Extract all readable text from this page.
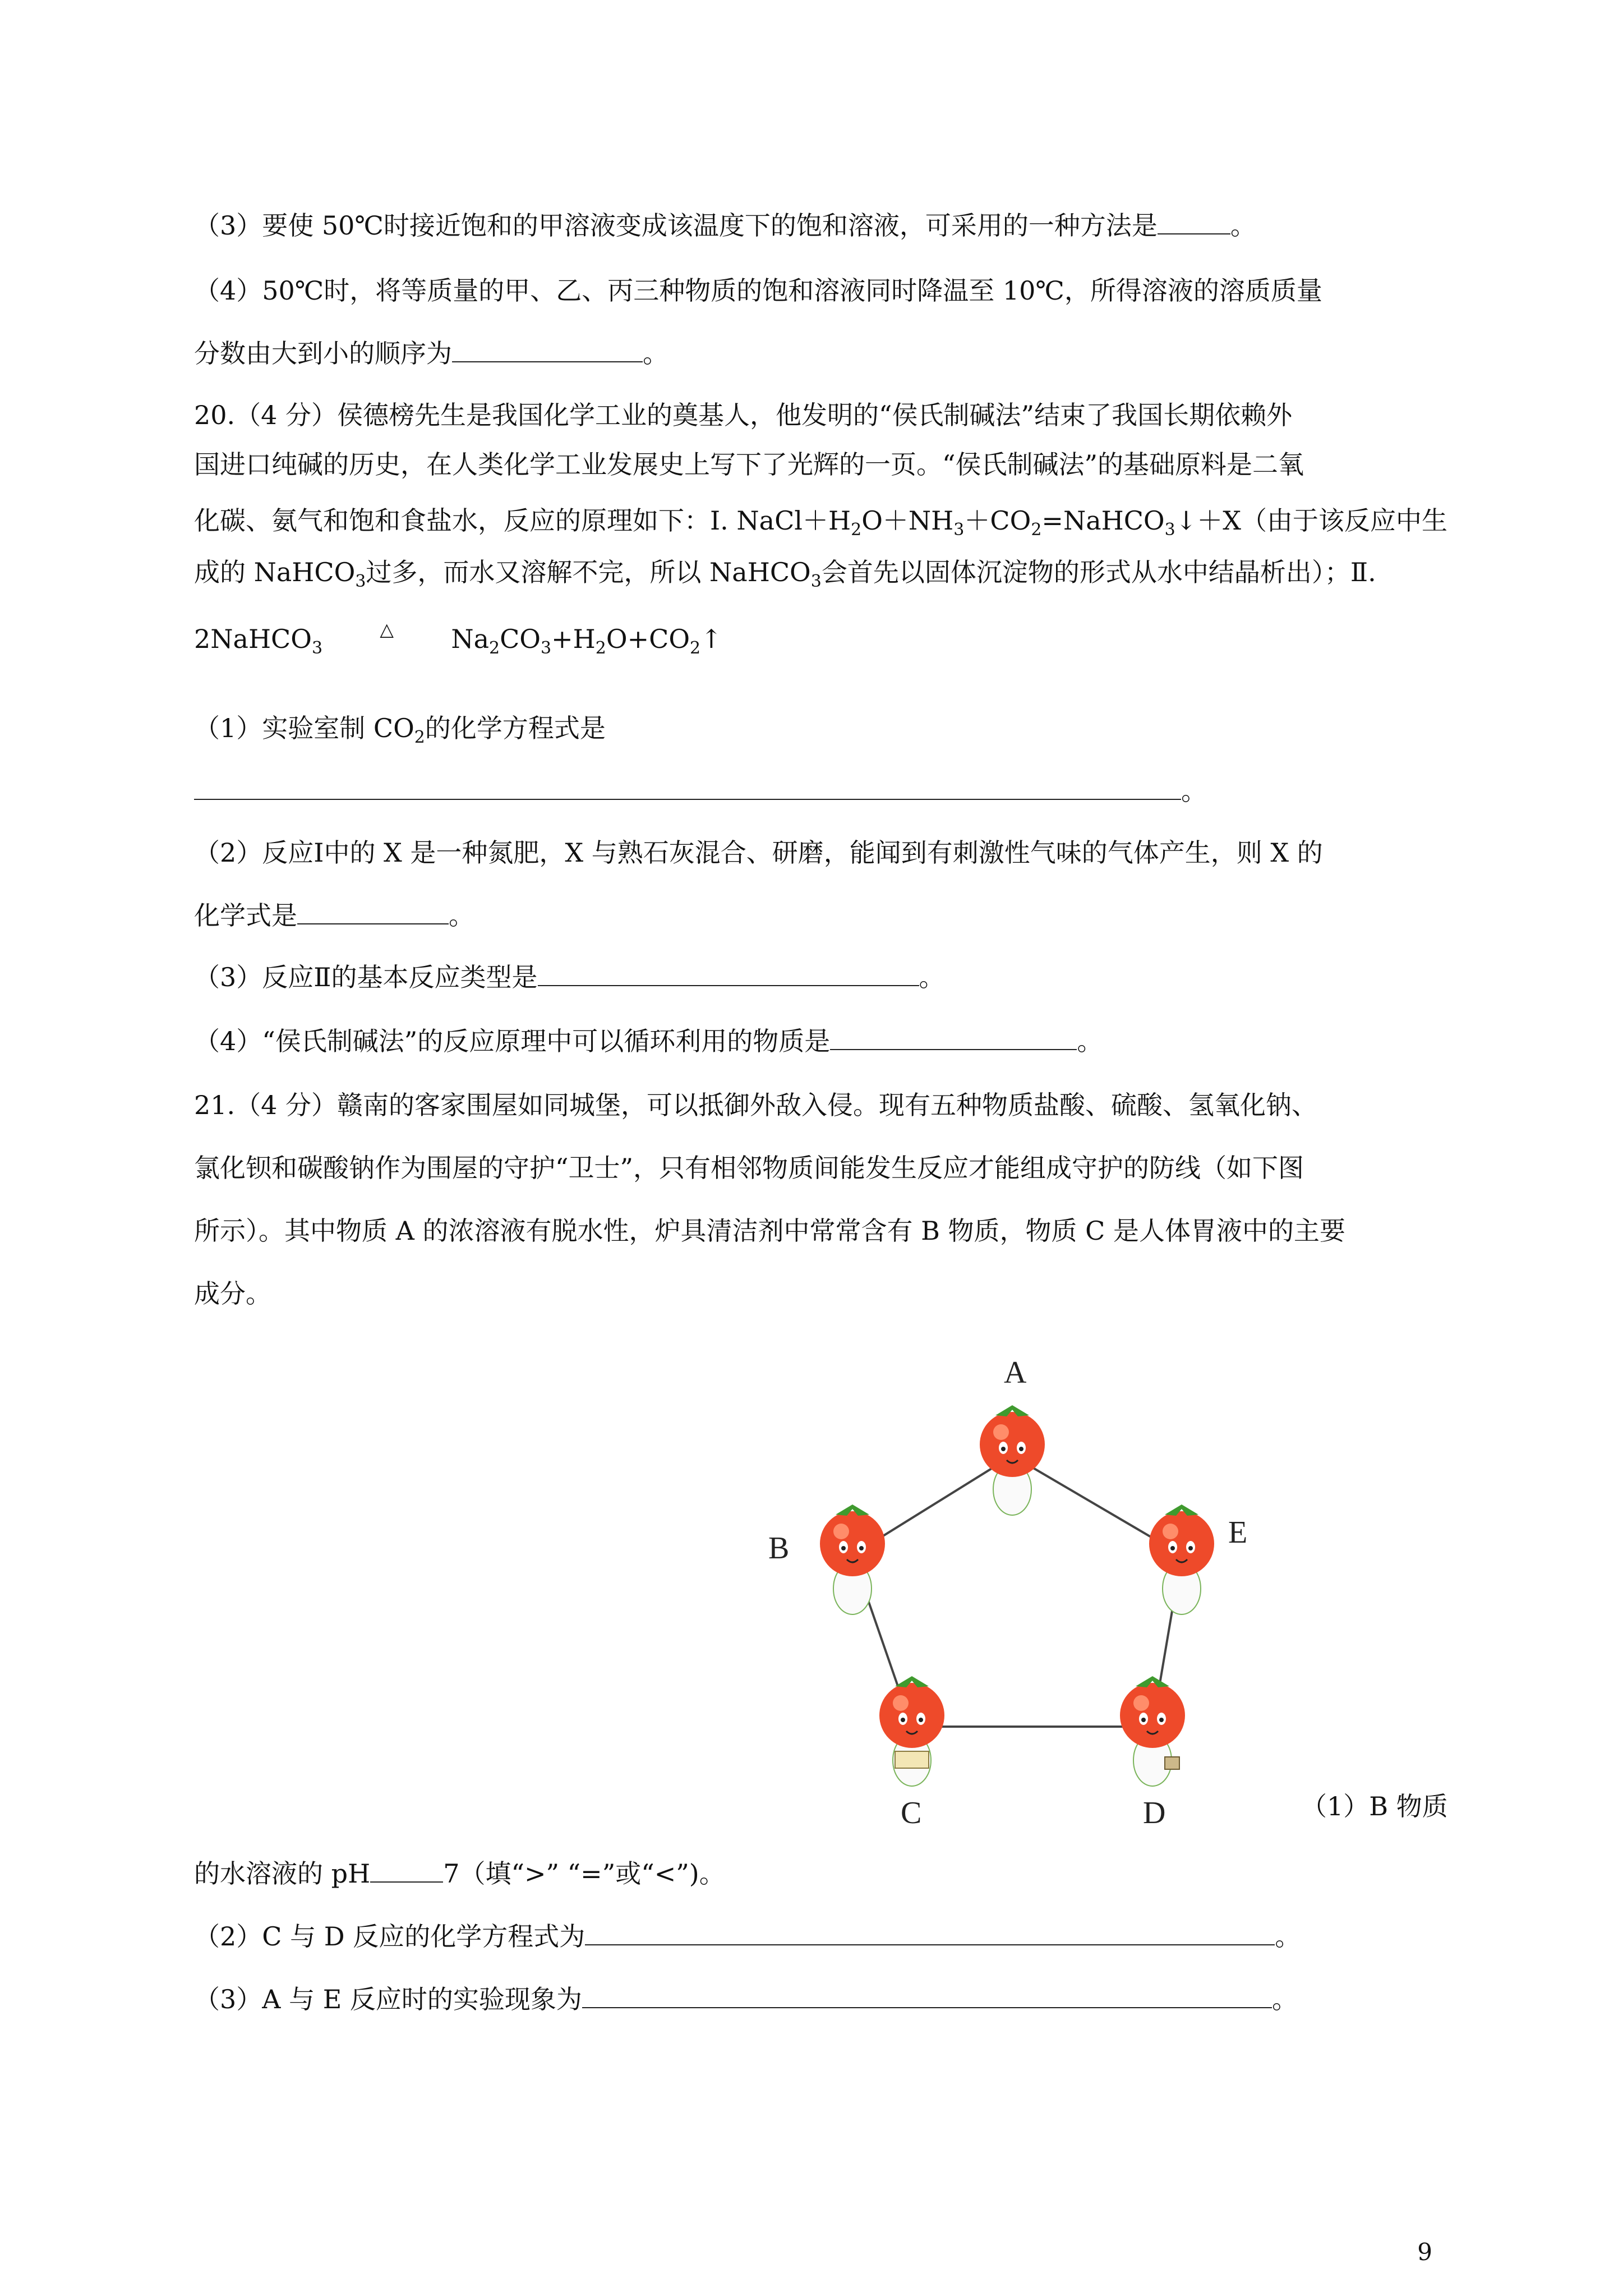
（3）要使 50℃时接近饱和的甲溶液变成该温度下的饱和溶液，可采用的一种方法是	。
（4）50℃时，将等质量的甲、乙、丙三种物质的饱和溶液同时降温至 10℃，所得溶液的溶质质量
分数由大到小的顺序为	。
20.（4 分）侯德榜先生是我国化学工业的奠基人，他发明的“侯氏制碱法”结束了我国长期依赖外
国进口纯碱的历史，在人类化学工业发展史上写下了光辉的一页。“侯氏制碱法”的基础原料是二氧
化碳、氨气和饱和食盐水，反应的原理如下：Ⅰ. $NaCl+H_2O+NH_3+CO_2=NaHCO_3↓+X$（由于该反应中生
成的 NaHCO$_3$过多，而水又溶解不完，所以 NaHCO$_3$会首先以固体沉淀物的形式从水中结晶析出）；Ⅱ.
2NaHCO$_3$ △ $Na_2CO_3+H_2O+CO_2↑$
（1）实验室制 $CO_2$的化学方程式是
。
（2）反应Ⅰ中的 X 是一种氮肥，X 与熟石灰混合、研磨，能闻到有刺激性气味的气体产生，则 X 的
化学式是	。
（3）反应Ⅱ的基本反应类型是	。
（4）“侯氏制碱法”的反应原理中可以循环利用的物质是	。
21.（4 分）赣南的客家围屋如同城堡，可以抵御外敌入侵。现有五种物质盐酸、硫酸、氢氧化钠、
氯化钡和碳酸钠作为围屋的守护“卫士”，只有相邻物质间能发生反应才能组成守护的防线（如下图
所示）。其中物质 A 的浓溶液有脱水性，炉具清洁剂中常常含有 B 物质，物质 C 是人体胃液中的主要
成分。
A
B
C	D
E
（1）B 物质
的水溶液的 pH	7（填“>” “=”或“<”)。
（2）C 与 D 反应的化学方程式为	。
（3）A 与 E 反应时的实验现象为	。
9
